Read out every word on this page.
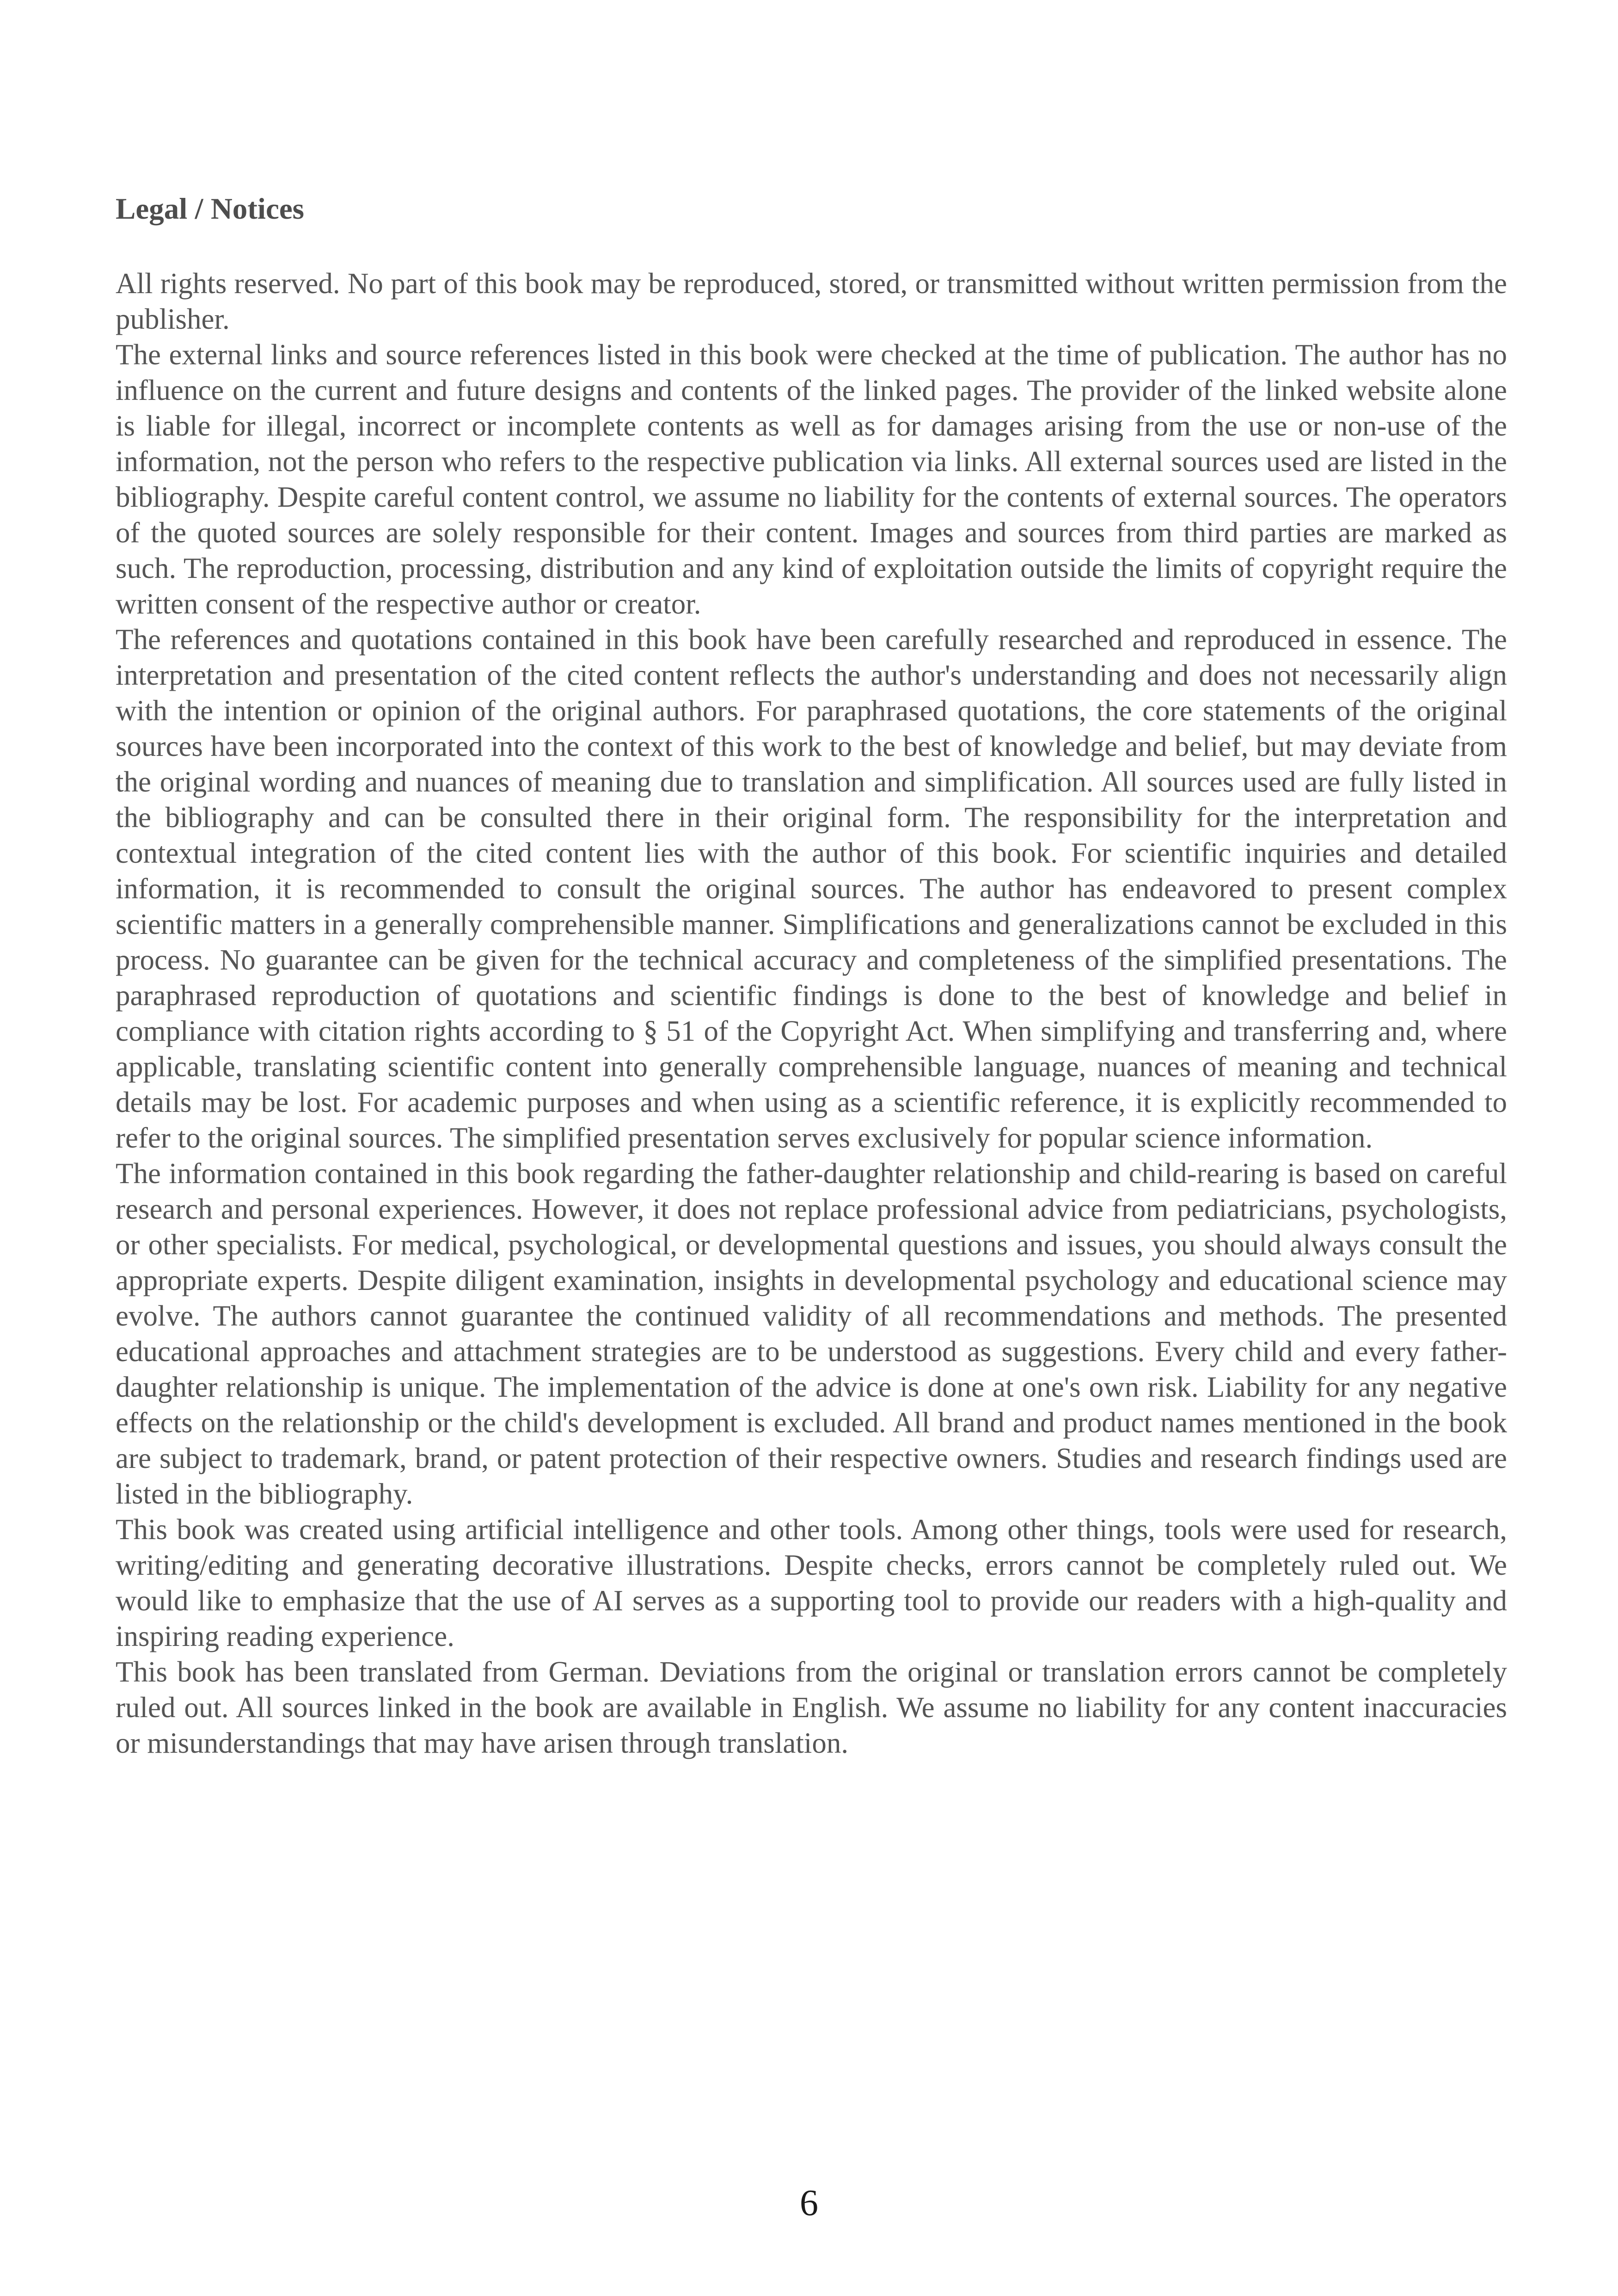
Legal / Notices

All rights reserved. No part of this book may be reproduced, stored, or transmitted without written permission from the publisher.

The external links and source references listed in this book were checked at the time of publication. The author has no influence on the current and future designs and contents of the linked pages. The provider of the linked website alone is liable for illegal, incorrect or incomplete contents as well as for damages arising from the use or non-use of the information, not the person who refers to the respective publication via links. All external sources used are listed in the bibliography. Despite careful content control, we assume no liability for the contents of external sources. The operators of the quoted sources are solely responsible for their content. Images and sources from third parties are marked as such. The reproduction, processing, distribution and any kind of exploitation outside the limits of copyright require the written consent of the respective author or creator.

The references and quotations contained in this book have been carefully researched and reproduced in essence. The interpretation and presentation of the cited content reflects the author's understanding and does not necessarily align with the intention or opinion of the original authors. For paraphrased quotations, the core statements of the original sources have been incorporated into the context of this work to the best of knowledge and belief, but may deviate from the original wording and nuances of meaning due to translation and simplification. All sources used are fully listed in the bibliography and can be consulted there in their original form. The responsibility for the interpretation and contextual integration of the cited content lies with the author of this book. For scientific inquiries and detailed information, it is recommended to consult the original sources. The author has endeavored to present complex scientific matters in a generally comprehensible manner. Simplifications and generalizations cannot be excluded in this process. No guarantee can be given for the technical accuracy and completeness of the simplified presentations. The paraphrased reproduction of quotations and scientific findings is done to the best of knowledge and belief in compliance with citation rights according to § 51 of the Copyright Act. When simplifying and transferring and, where applicable, translating scientific content into generally comprehensible language, nuances of meaning and technical details may be lost. For academic purposes and when using as a scientific reference, it is explicitly recommended to refer to the original sources. The simplified presentation serves exclusively for popular science information.

The information contained in this book regarding the father-daughter relationship and child-rearing is based on careful research and personal experiences. However, it does not replace professional advice from pediatricians, psychologists, or other specialists. For medical, psychological, or developmental questions and issues, you should always consult the appropriate experts. Despite diligent examination, insights in developmental psychology and educational science may evolve. The authors cannot guarantee the continued validity of all recommendations and methods. The presented educational approaches and attachment strategies are to be understood as suggestions. Every child and every father-daughter relationship is unique. The implementation of the advice is done at one's own risk. Liability for any negative effects on the relationship or the child's development is excluded. All brand and product names mentioned in the book are subject to trademark, brand, or patent protection of their respective owners. Studies and research findings used are listed in the bibliography.

This book was created using artificial intelligence and other tools. Among other things, tools were used for research, writing/editing and generating decorative illustrations. Despite checks, errors cannot be completely ruled out. We would like to emphasize that the use of AI serves as a supporting tool to provide our readers with a high-quality and inspiring reading experience.

This book has been translated from German. Deviations from the original or translation errors cannot be completely ruled out. All sources linked in the book are available in English. We assume no liability for any content inaccuracies or misunderstandings that may have arisen through translation.

6
